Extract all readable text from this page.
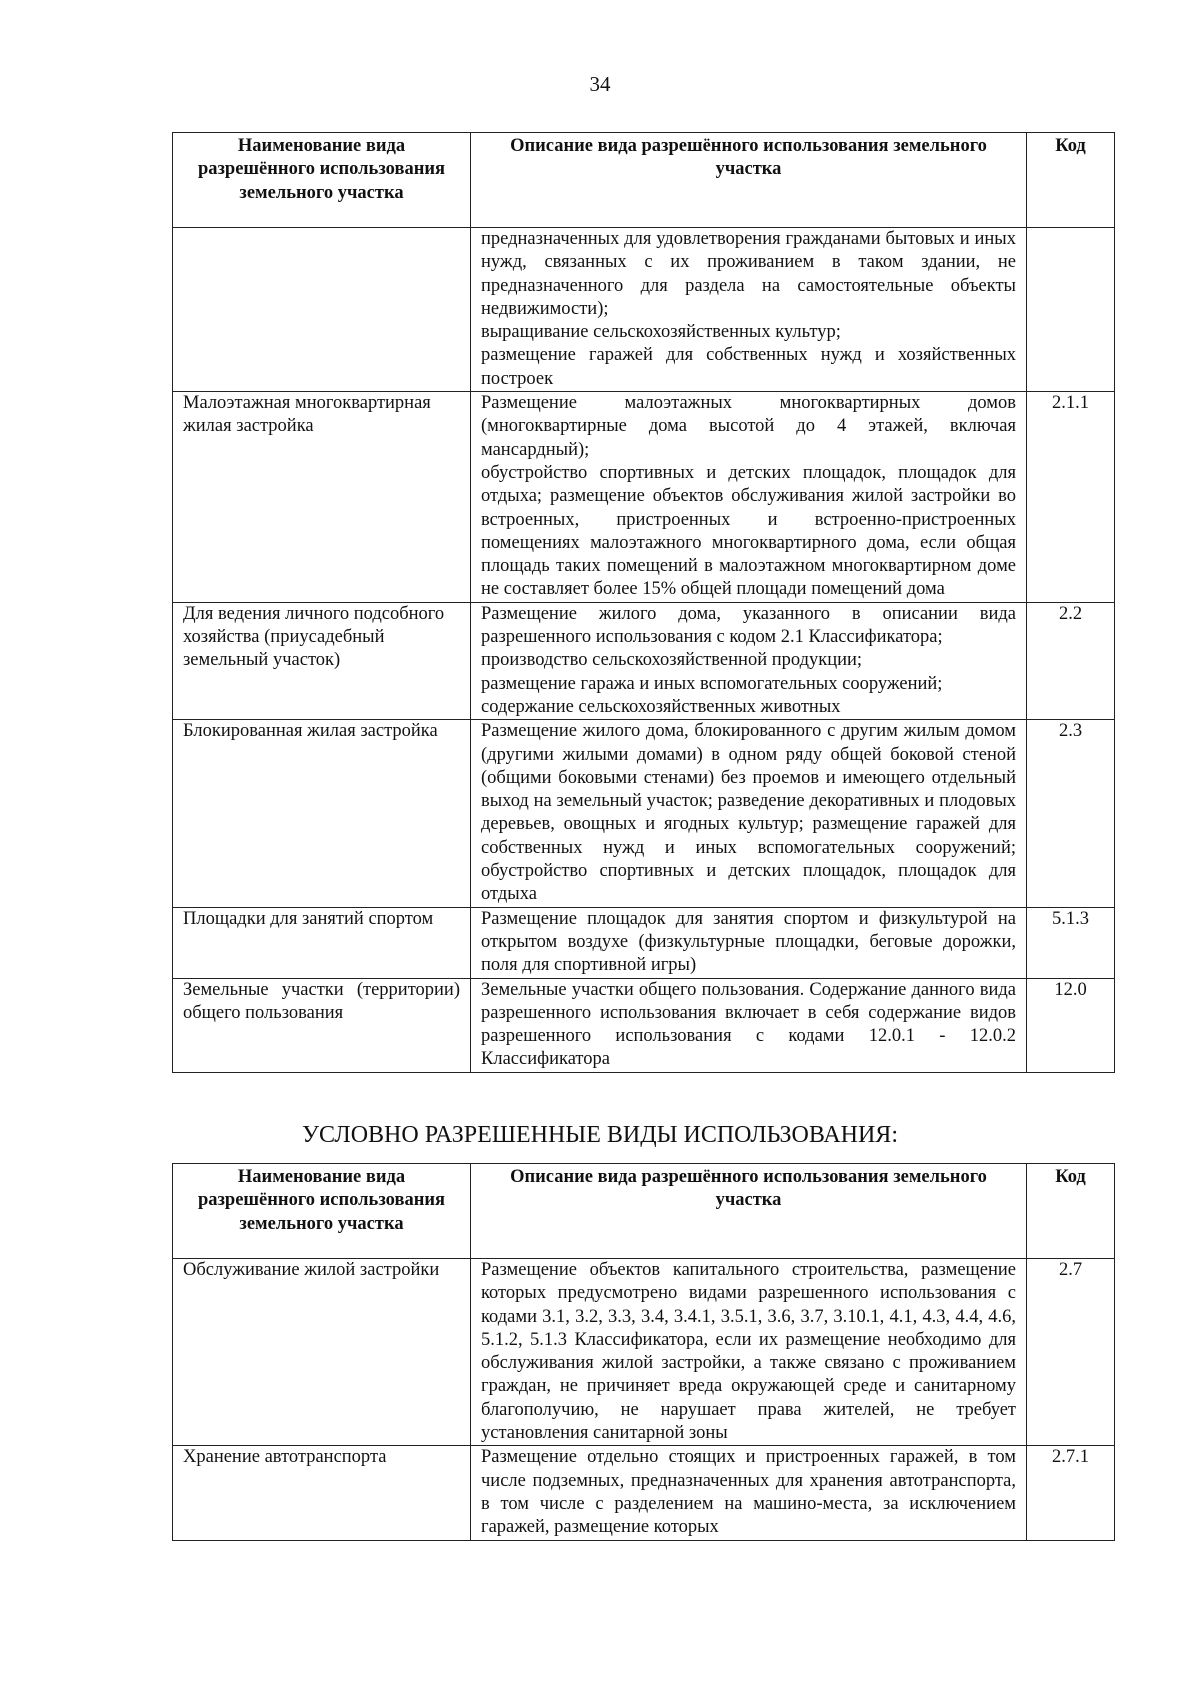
34
Наименование вида разрешённого использования земельного участка	Описание вида разрешённого использования земельного участка	Код

	предназначенных для удовлетворения гражданами бытовых и иных нужд, связанных с их проживанием в таком здании, не предназначенного для раздела на самостоятельные объекты недвижимости);
выращивание сельскохозяйственных культур;
размещение гаражей для собственных нужд и хозяйственных построек	

Малоэтажная многоквартирная жилая застройка	Размещение малоэтажных многоквартирных домов (многоквартирные дома высотой до 4 этажей, включая мансардный);
обустройство спортивных и детских площадок, площадок для отдыха; размещение объектов обслуживания жилой застройки во встроенных, пристроенных и встроенно-пристроенных помещениях малоэтажного многоквартирного дома, если общая площадь таких помещений в малоэтажном многоквартирном доме не составляет более 15% общей площади помещений дома	2.1.1
Для ведения личного подсобного хозяйства (приусадебный земельный участок)	Размещение жилого дома, указанного в описании вида разрешенного использования с кодом 2.1 Классификатора;
производство сельскохозяйственной продукции;
размещение гаража и иных вспомогательных сооружений;
содержание сельскохозяйственных животных	2.2
Блокированная жилая застройка	Размещение жилого дома, блокированного с другим жилым домом (другими жилыми домами) в одном ряду общей боковой стеной (общими боковыми стенами) без проемов и имеющего отдельный выход на земельный участок; разведение декоративных и плодовых деревьев, овощных и ягодных культур; размещение гаражей для собственных нужд и иных вспомогательных сооружений; обустройство спортивных и детских площадок, площадок для отдыха	2.3
Площадки для занятий спортом	Размещение площадок для занятия спортом и физкультурой на открытом воздухе (физкультурные площадки, беговые дорожки, поля для спортивной игры)	5.1.3
Земельные участки (территории) общего пользования	Земельные участки общего пользования. Содержание данного вида разрешенного использования включает в себя содержание видов разрешенного использования с кодами 12.0.1 - 12.0.2 Классификатора	12.0
УСЛОВНО РАЗРЕШЕННЫЕ ВИДЫ ИСПОЛЬЗОВАНИЯ:
Наименование вида разрешённого использования земельного участка	Описание вида разрешённого использования земельного участка	Код
Обслуживание жилой застройки	Размещение объектов капитального строительства, размещение которых предусмотрено видами разрешенного использования с кодами 3.1, 3.2, 3.3, 3.4, 3.4.1, 3.5.1, 3.6, 3.7, 3.10.1, 4.1, 4.3, 4.4, 4.6, 5.1.2, 5.1.3 Классификатора, если их размещение необходимо для обслуживания жилой застройки, а также связано с проживанием граждан, не причиняет вреда окружающей среде и санитарному благополучию, не нарушает права жителей, не требует установления санитарной зоны	2.7
Хранение автотранспорта	Размещение отдельно стоящих и пристроенных гаражей, в том числе подземных, предназначенных для хранения автотранспорта, в том числе с разделением на машино-места, за исключением гаражей, размещение которых	2.7.1
